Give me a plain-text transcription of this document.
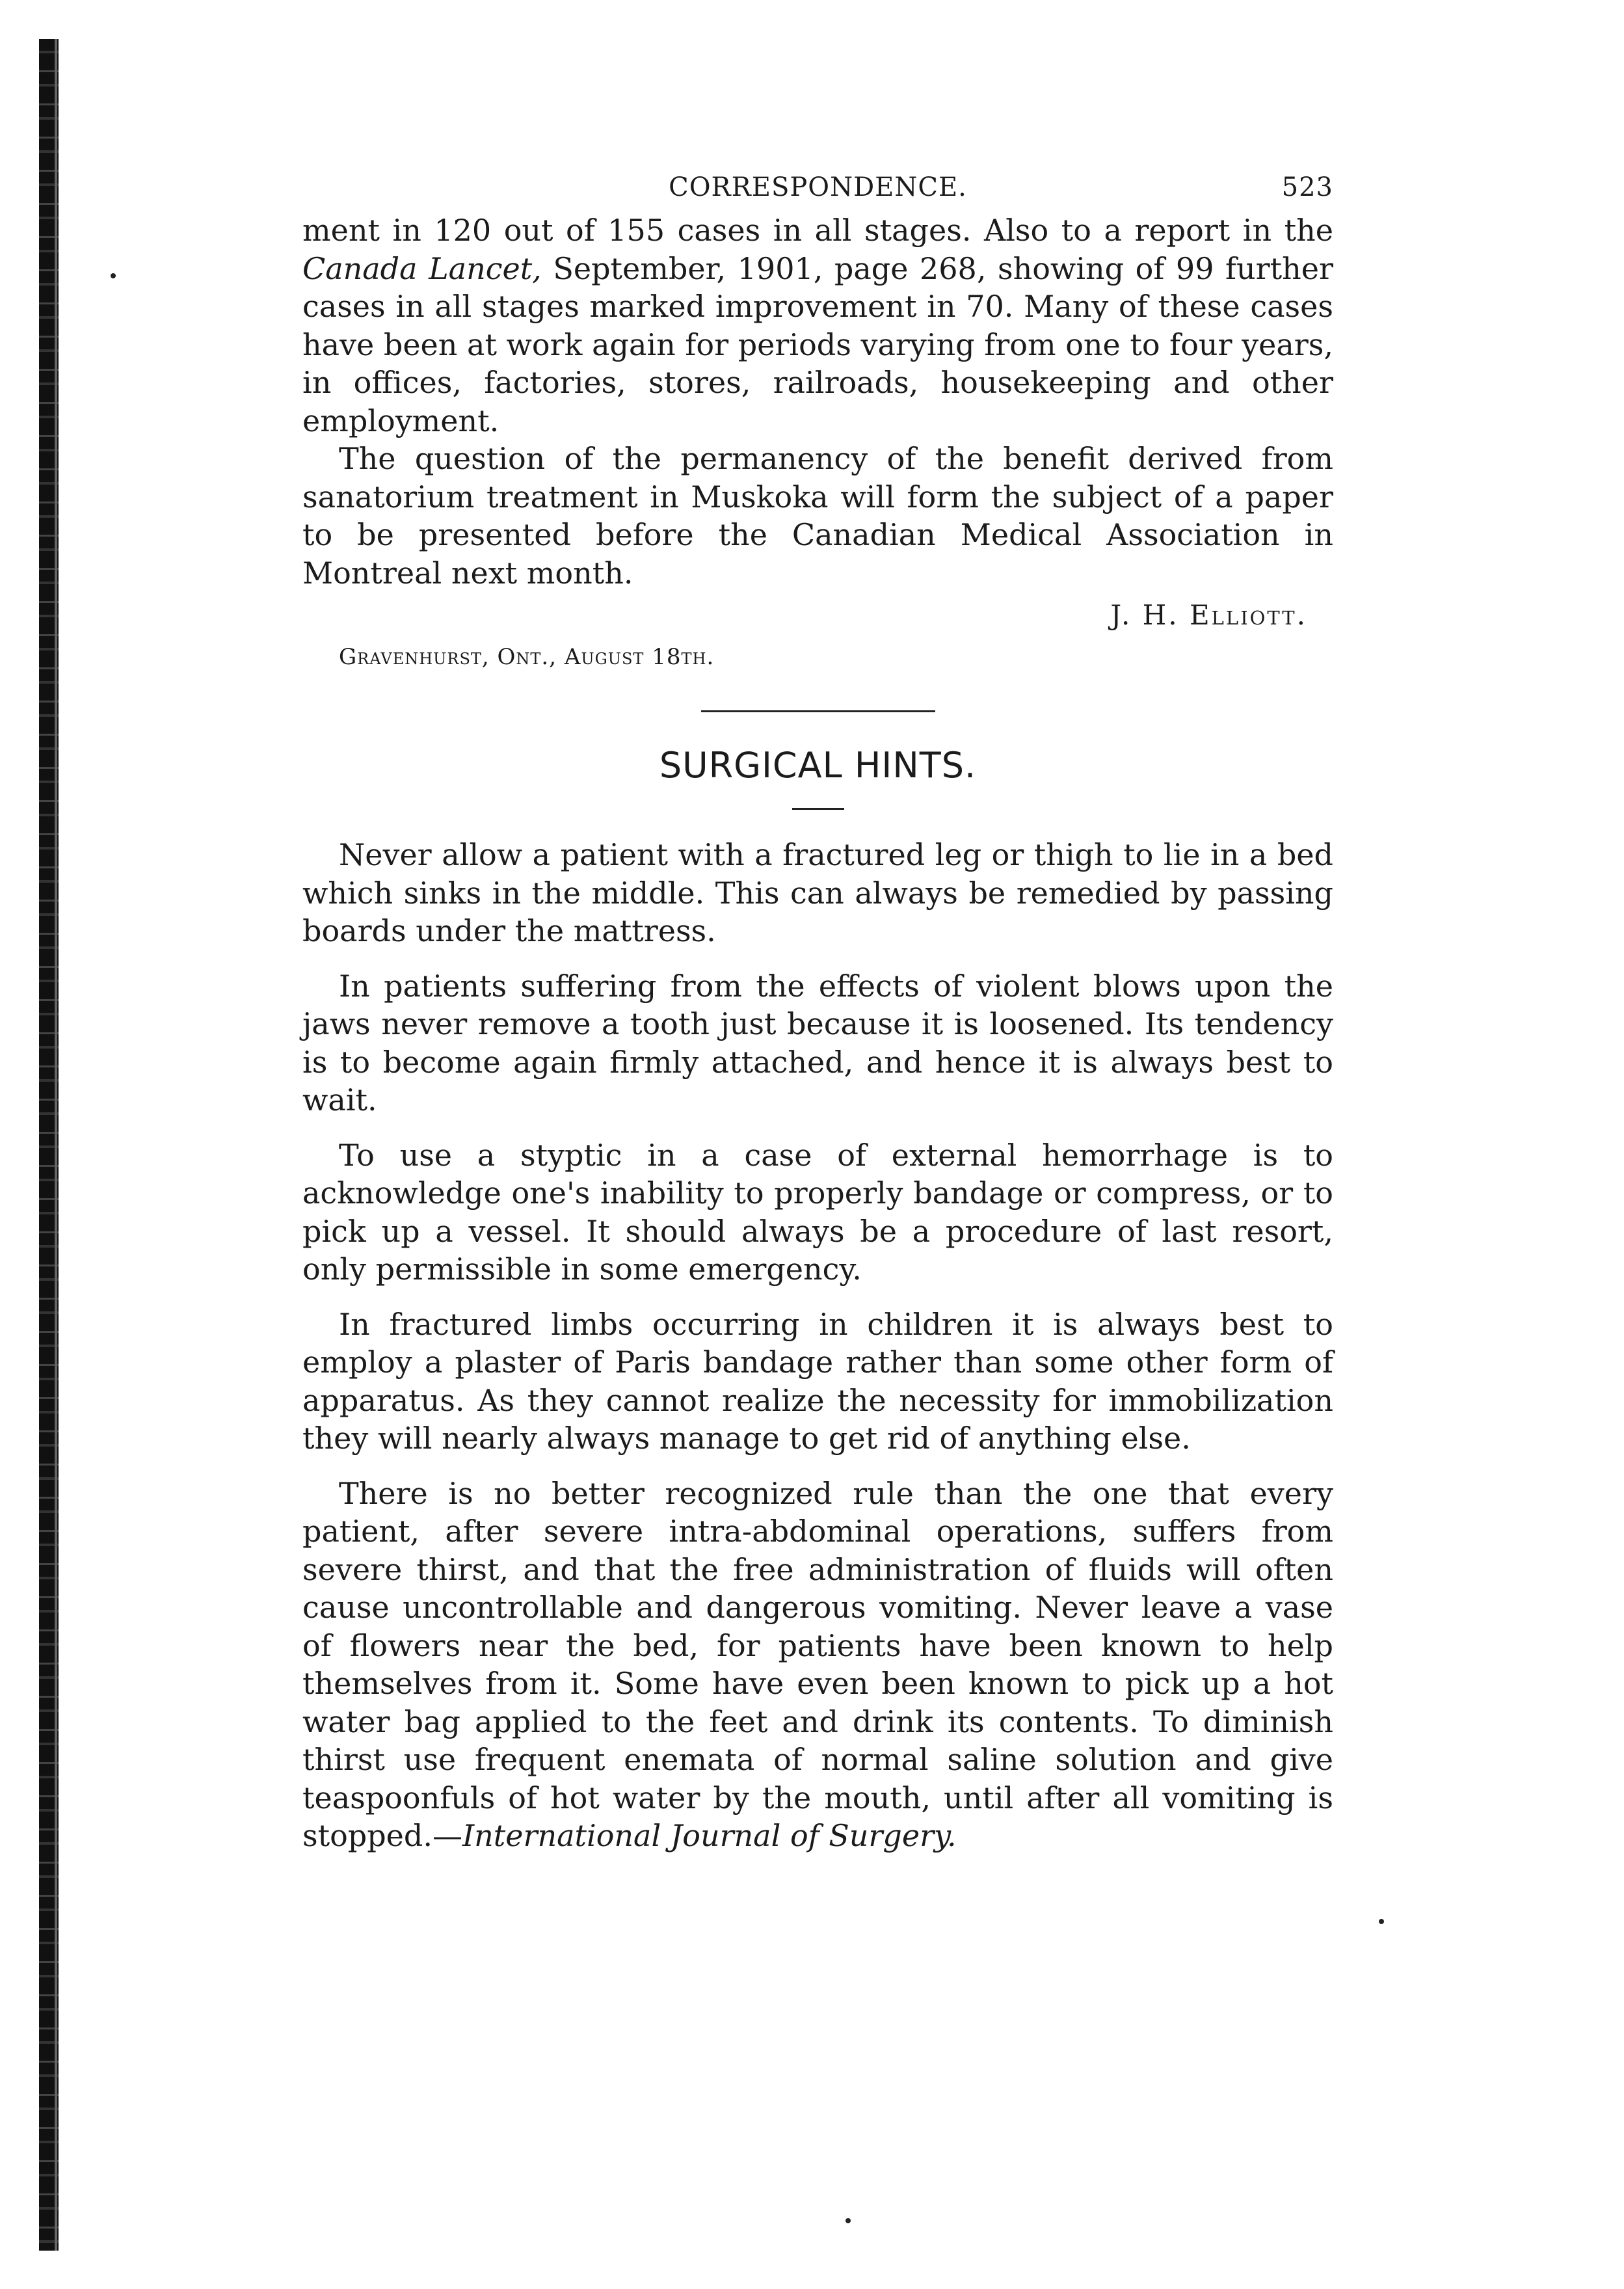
CORRESPONDENCE.	523

ment in 120 out of 155 cases in all stages. Also to a report in the Canada Lancet, September, 1901, page 268, showing of 99 further cases in all stages marked improvement in 70. Many of these cases have been at work again for periods varying from one to four years, in offices, factories, stores, railroads, housekeeping and other employment.

The question of the permanency of the benefit derived from sanatorium treatment in Muskoka will form the subject of a paper to be presented before the Canadian Medical Association in Montreal next month.

J. H. Elliott.
Gravenhurst, Ont., August 18th.
SURGICAL HINTS.

Never allow a patient with a fractured leg or thigh to lie in a bed which sinks in the middle. This can always be remedied by passing boards under the mattress.

In patients suffering from the effects of violent blows upon the jaws never remove a tooth just because it is loosened. Its tendency is to become again firmly attached, and hence it is always best to wait.

To use a styptic in a case of external hemorrhage is to acknowledge one's inability to properly bandage or compress, or to pick up a vessel. It should always be a procedure of last resort, only permissible in some emergency.

In fractured limbs occurring in children it is always best to employ a plaster of Paris bandage rather than some other form of apparatus. As they cannot realize the necessity for immobilization they will nearly always manage to get rid of anything else.

There is no better recognized rule than the one that every patient, after severe intra-abdominal operations, suffers from severe thirst, and that the free administration of fluids will often cause uncontrollable and dangerous vomiting. Never leave a vase of flowers near the bed, for patients have been known to help themselves from it. Some have even been known to pick up a hot water bag applied to the feet and drink its contents. To diminish thirst use frequent enemata of normal saline solution and give teaspoonfuls of hot water by the mouth, until after all vomiting is stopped.—International Journal of Surgery.
